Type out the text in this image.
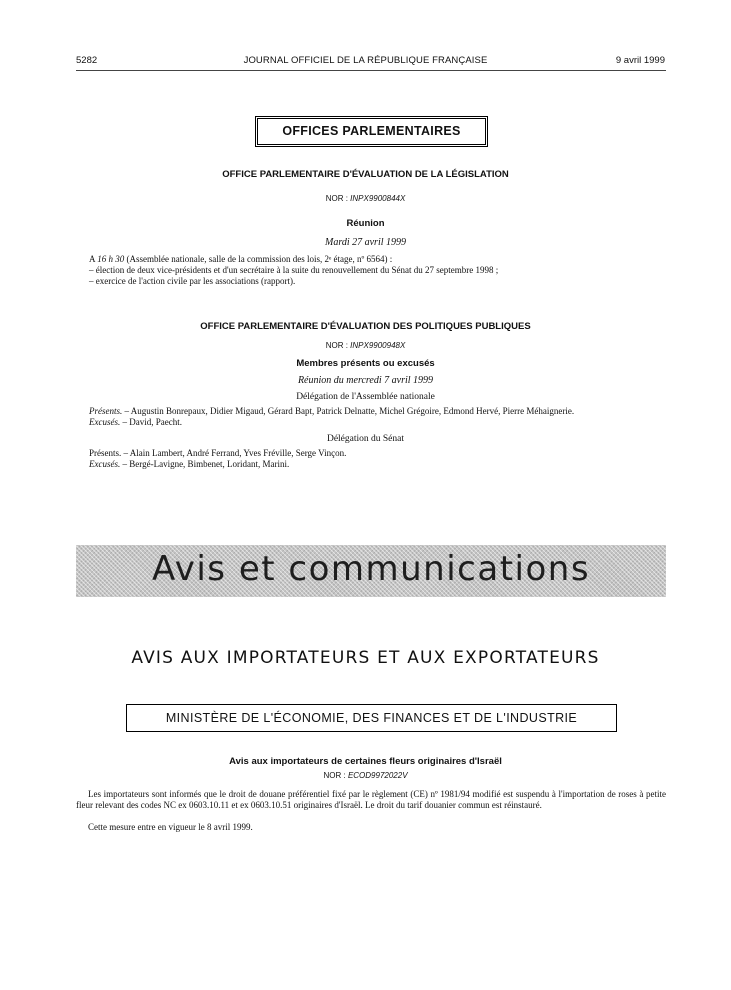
5282	JOURNAL OFFICIEL DE LA RÉPUBLIQUE FRANÇAISE	9 avril 1999
OFFICES PARLEMENTAIRES
OFFICE PARLEMENTAIRE D'ÉVALUATION DE LA LÉGISLATION
NOR : INPX9900844X
Réunion
Mardi 27 avril 1999
A 16 h 30 (Assemblée nationale, salle de la commission des lois, 2ᵉ étage, nº 6564) :
– élection de deux vice-présidents et d'un secrétaire à la suite du renouvellement du Sénat du 27 septembre 1998 ;
– exercice de l'action civile par les associations (rapport).
OFFICE PARLEMENTAIRE D'ÉVALUATION DES POLITIQUES PUBLIQUES
NOR : INPX9900948X
Membres présents ou excusés
Réunion du mercredi 7 avril 1999
Délégation de l'Assemblée nationale
Présents. – Augustin Bonrepaux, Didier Migaud, Gérard Bapt, Patrick Delnatte, Michel Grégoire, Edmond Hervé, Pierre Méhaignerie.
Excusés. – David, Paecht.
Délégation du Sénat
Présents. – Alain Lambert, André Ferrand, Yves Fréville, Serge Vinçon.
Excusés. – Bergé-Lavigne, Bimbenet, Loridant, Marini.
Avis et communications
AVIS AUX IMPORTATEURS ET AUX EXPORTATEURS
MINISTÈRE DE L'ÉCONOMIE, DES FINANCES ET DE L'INDUSTRIE
Avis aux importateurs de certaines fleurs originaires d'Israël
NOR : ECOD9972022V
Les importateurs sont informés que le droit de douane préférentiel fixé par le règlement (CE) nº 1981/94 modifié est suspendu à l'importation de roses à petite fleur relevant des codes NC ex 0603.10.11 et ex 0603.10.51 originaires d'Israël. Le droit du tarif douanier commun est réinstauré.
Cette mesure entre en vigueur le 8 avril 1999.
